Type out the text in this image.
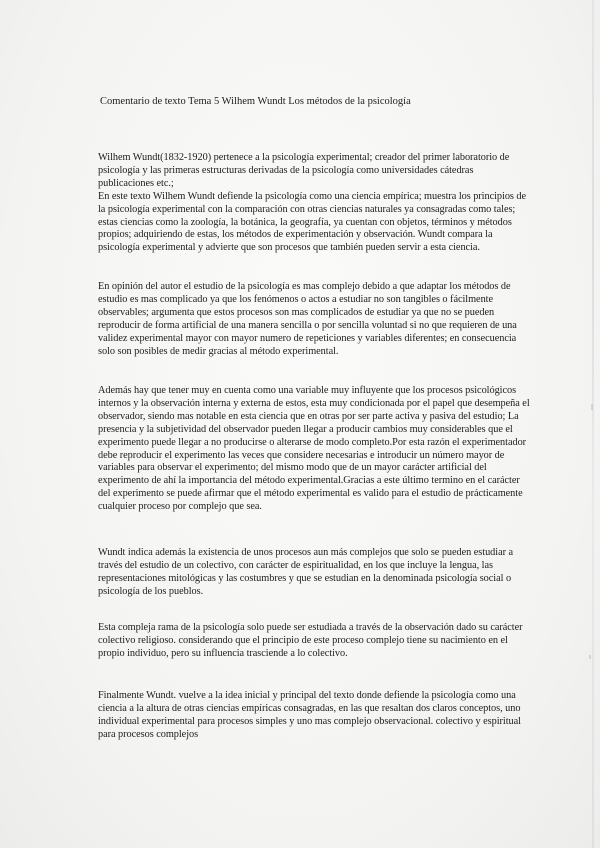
Comentario de texto Tema 5 Wilhem Wundt Los métodos de la psicología

Wilhem Wundt(1832-1920) pertenece a la psicología experimental; creador del primer laboratorio de psicología y las primeras estructuras derivadas de la psicología como universidades cátedras publicaciones etc.;

En este texto Wilhem Wundt defiende la psicología como una ciencia empírica; muestra los principios de la psicología experimental con la comparación con otras ciencias naturales ya consagradas como tales; estas ciencias como la zoología, la botánica, la geografía, ya cuentan con objetos, términos y métodos propios; adquiriendo de estas, los métodos de experimentación y observación. Wundt compara la psicología experimental y advierte que son procesos que también pueden servir a esta ciencia.

En opinión del autor el estudio de la psicología es mas complejo debido a que adaptar los métodos de estudio es mas complicado ya que los fenómenos o actos a estudiar no son tangibles o fácilmente observables; argumenta que estos procesos son mas complicados de estudiar ya que no se pueden reproducir de forma artificial de una manera sencilla o por sencilla voluntad si no que requieren de una validez experimental mayor con mayor numero de repeticiones y variables diferentes; en consecuencia solo son posibles de medir gracias al método experimental.

Además hay que tener muy en cuenta como una variable muy influyente que los procesos psicológicos internos y la observación interna y externa de estos, esta muy condicionada por el papel que desempeña el observador, siendo mas notable en esta ciencia que en otras por ser parte activa y pasiva del estudio; La presencia y la subjetividad del observador pueden llegar a producir cambios muy considerables que el experimento puede llegar a no producirse o alterarse de modo completo.Por esta razón el experimentador debe reproducir el experimento las veces que considere necesarias e introducir un número mayor de variables para observar el experimento; del mismo modo que de un mayor carácter artificial del experimento de ahí la importancia del método experimental.Gracias a este último termino en el carácter del experimento se puede afirmar que el método experimental es valido para el estudio de prácticamente cualquier proceso por complejo que sea.

Wundt indica además la existencia de unos procesos aun más complejos que solo se pueden estudiar a través del estudio de un colectivo, con carácter de espiritualidad, en los que incluye la lengua, las representaciones mitológicas y las costumbres y que se estudian en la denominada psicología social o psicología de los pueblos.

Esta compleja rama de la psicología solo puede ser estudiada a través de la observación dado su carácter colectivo religioso. considerando que el principio de este proceso complejo tiene su nacimiento en el propio individuo, pero su influencia trasciende a lo colectivo.

Finalmente Wundt. vuelve a la idea inicial y principal del texto donde defiende la psicología como una ciencia a la altura de otras ciencias empíricas consagradas, en las que resaltan dos claros conceptos, uno individual experimental para procesos simples y uno mas complejo observacional. colectivo y espiritual para procesos complejos
